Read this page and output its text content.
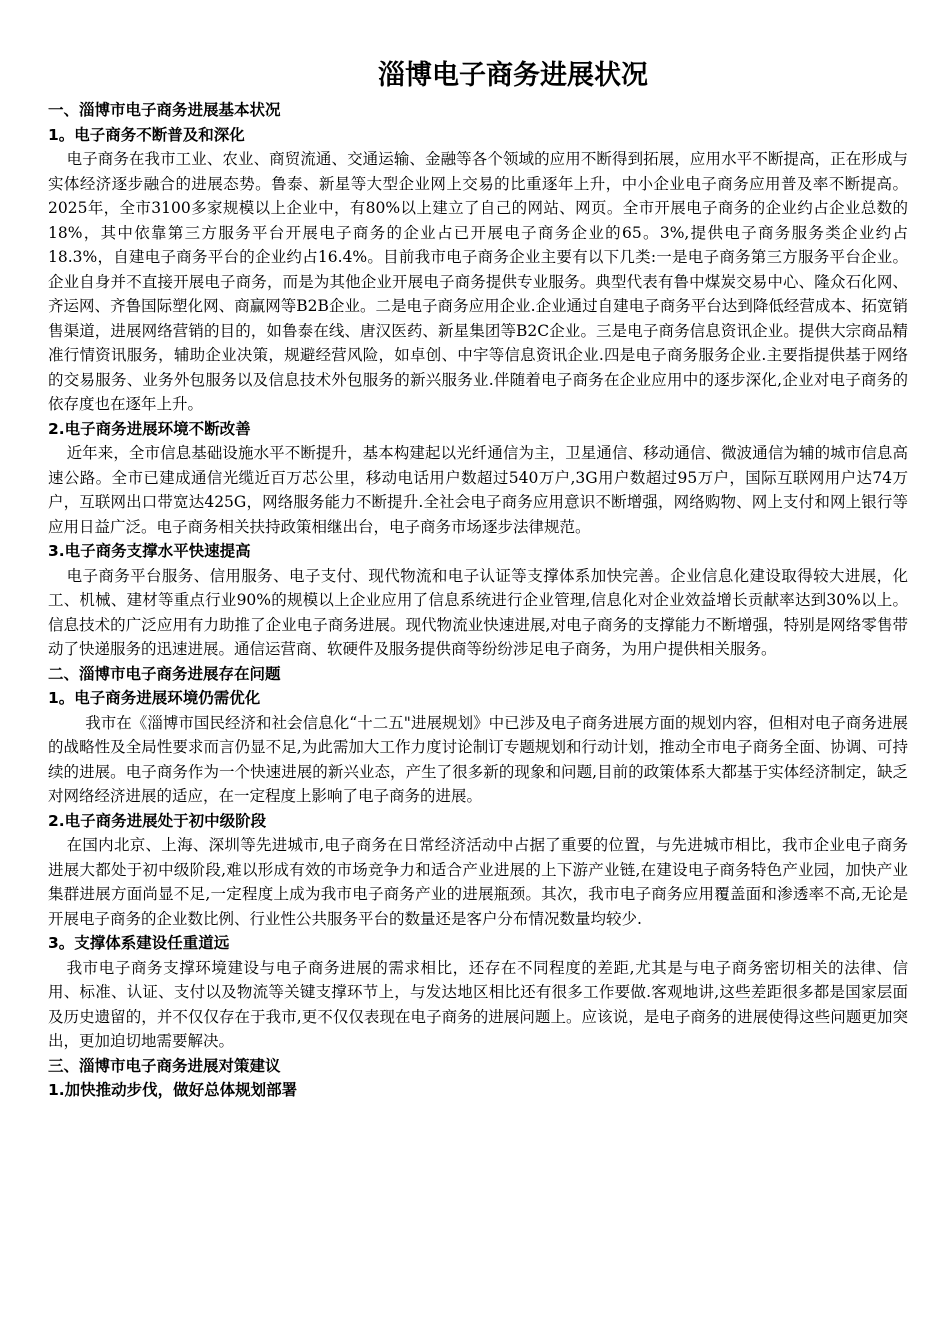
淄博电子商务进展状况
一、淄博市电子商务进展基本状况
1。电子商务不断普及和深化
电子商务在我市工业、农业、商贸流通、交通运输、金融等各个领域的应用不断得到拓展，应用水平不断提高，正在形成与实体经济逐步融合的进展态势。鲁泰、新星等大型企业网上交易的比重逐年上升，中小企业电子商务应用普及率不断提高。2025年，全市3100多家规模以上企业中，有80%以上建立了自己的网站、网页。全市开展电子商务的企业约占企业总数的18%，其中依靠第三方服务平台开展电子商务的企业占已开展电子商务企业的65。3%,提供电子商务服务类企业约占18.3%，自建电子商务平台的企业约占16.4%。目前我市电子商务企业主要有以下几类:一是电子商务第三方服务平台企业。企业自身并不直接开展电子商务，而是为其他企业开展电子商务提供专业服务。典型代表有鲁中煤炭交易中心、隆众石化网、齐运网、齐鲁国际塑化网、商赢网等B2B企业。二是电子商务应用企业.企业通过自建电子商务平台达到降低经营成本、拓宽销售渠道，进展网络营销的目的，如鲁泰在线、唐汉医药、新星集团等B2C企业。三是电子商务信息资讯企业。提供大宗商品精准行情资讯服务，辅助企业决策，规避经营风险，如卓创、中宇等信息资讯企业.四是电子商务服务企业.主要指提供基于网络的交易服务、业务外包服务以及信息技术外包服务的新兴服务业.伴随着电子商务在企业应用中的逐步深化,企业对电子商务的依存度也在逐年上升。
2.电子商务进展环境不断改善
近年来，全市信息基础设施水平不断提升，基本构建起以光纤通信为主，卫星通信、移动通信、微波通信为辅的城市信息高速公路。全市已建成通信光缆近百万芯公里，移动电话用户数超过540万户,3G用户数超过95万户，国际互联网用户达74万户，互联网出口带宽达425G，网络服务能力不断提升.全社会电子商务应用意识不断增强，网络购物、网上支付和网上银行等应用日益广泛。电子商务相关扶持政策相继出台，电子商务市场逐步法律规范。
3.电子商务支撑水平快速提高
电子商务平台服务、信用服务、电子支付、现代物流和电子认证等支撑体系加快完善。企业信息化建设取得较大进展，化工、机械、建材等重点行业90%的规模以上企业应用了信息系统进行企业管理,信息化对企业效益增长贡献率达到30%以上。信息技术的广泛应用有力助推了企业电子商务进展。现代物流业快速进展,对电子商务的支撑能力不断增强，特别是网络零售带动了快递服务的迅速进展。通信运营商、软硬件及服务提供商等纷纷涉足电子商务，为用户提供相关服务。
二、淄博市电子商务进展存在问题
1。电子商务进展环境仍需优化
我市在《淄博市国民经济和社会信息化“十二五"进展规划》中已涉及电子商务进展方面的规划内容，但相对电子商务进展的战略性及全局性要求而言仍显不足,为此需加大工作力度讨论制订专题规划和行动计划，推动全市电子商务全面、协调、可持续的进展。电子商务作为一个快速进展的新兴业态，产生了很多新的现象和问题,目前的政策体系大都基于实体经济制定，缺乏对网络经济进展的适应，在一定程度上影响了电子商务的进展。
2.电子商务进展处于初中级阶段
在国内北京、上海、深圳等先进城市,电子商务在日常经济活动中占据了重要的位置，与先进城市相比，我市企业电子商务进展大都处于初中级阶段,难以形成有效的市场竞争力和适合产业进展的上下游产业链,在建设电子商务特色产业园，加快产业集群进展方面尚显不足,一定程度上成为我市电子商务产业的进展瓶颈。其次，我市电子商务应用覆盖面和渗透率不高,无论是开展电子商务的企业数比例、行业性公共服务平台的数量还是客户分布情况数量均较少.
3。支撑体系建设任重道远
我市电子商务支撑环境建设与电子商务进展的需求相比，还存在不同程度的差距,尤其是与电子商务密切相关的法律、信用、标准、认证、支付以及物流等关键支撑环节上，与发达地区相比还有很多工作要做.客观地讲,这些差距很多都是国家层面及历史遗留的，并不仅仅存在于我市,更不仅仅表现在电子商务的进展问题上。应该说，是电子商务的进展使得这些问题更加突出，更加迫切地需要解决。
三、淄博市电子商务进展对策建议
1.加快推动步伐，做好总体规划部署
